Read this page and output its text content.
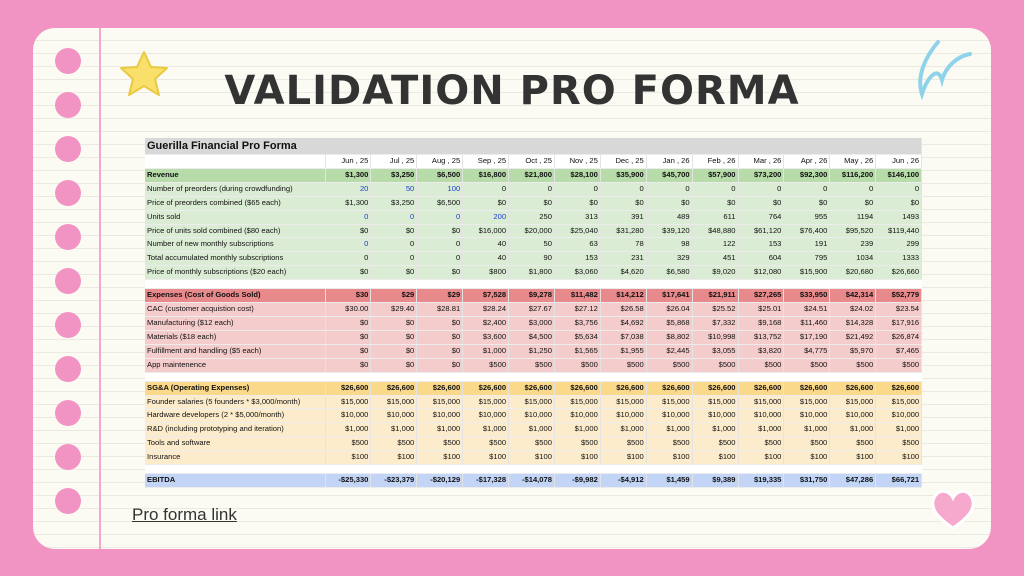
VALIDATION PRO FORMA
Guerilla Financial Pro Forma													
	Jun , 25	Jul , 25	Aug , 25	Sep , 25	Oct , 25	Nov , 25	Dec , 25	Jan , 26	Feb , 26	Mar , 26	Apr , 26	May , 26	Jun , 26
Revenue	$1,300	$3,250	$6,500	$16,800	$21,800	$28,100	$35,900	$45,700	$57,900	$73,200	$92,300	$116,200	$146,100
Number of preorders (during crowdfunding)	20	50	100	0	0	0	0	0	0	0	0	0	0
Price of preorders combined ($65 each)	$1,300	$3,250	$6,500	$0	$0	$0	$0	$0	$0	$0	$0	$0	$0
Units sold	0	0	0	200	250	313	391	489	611	764	955	1194	1493
Price of units sold combined ($80 each)	$0	$0	$0	$16,000	$20,000	$25,040	$31,280	$39,120	$48,880	$61,120	$76,400	$95,520	$119,440
Number of new monthly subscriptions	0	0	0	40	50	63	78	98	122	153	191	239	299
Total accumulated monthly subscriptions	0	0	0	40	90	153	231	329	451	604	795	1034	1333
Price of monthly subscriptions ($20 each)	$0	$0	$0	$800	$1,800	$3,060	$4,620	$6,580	$9,020	$12,080	$15,900	$20,680	$26,660

Expenses (Cost of Goods Sold)	$30	$29	$29	$7,528	$9,278	$11,482	$14,212	$17,641	$21,911	$27,265	$33,950	$42,314	$52,779
CAC (customer acquistion cost)	$30.00	$29.40	$28.81	$28.24	$27.67	$27.12	$26.58	$26.04	$25.52	$25.01	$24.51	$24.02	$23.54
Manufacturing ($12 each)	$0	$0	$0	$2,400	$3,000	$3,756	$4,692	$5,868	$7,332	$9,168	$11,460	$14,328	$17,916
Materials ($18 each)	$0	$0	$0	$3,600	$4,500	$5,634	$7,038	$8,802	$10,998	$13,752	$17,190	$21,492	$26,874
Fulfillment and handling ($5 each)	$0	$0	$0	$1,000	$1,250	$1,565	$1,955	$2,445	$3,055	$3,820	$4,775	$5,970	$7,465
App maintenence	$0	$0	$0	$500	$500	$500	$500	$500	$500	$500	$500	$500	$500

SG&A (Operating Expenses)	$26,600	$26,600	$26,600	$26,600	$26,600	$26,600	$26,600	$26,600	$26,600	$26,600	$26,600	$26,600	$26,600
Founder salaries (5 founders * $3,000/month)	$15,000	$15,000	$15,000	$15,000	$15,000	$15,000	$15,000	$15,000	$15,000	$15,000	$15,000	$15,000	$15,000
Hardware developers (2 * $5,000/month)	$10,000	$10,000	$10,000	$10,000	$10,000	$10,000	$10,000	$10,000	$10,000	$10,000	$10,000	$10,000	$10,000
R&D (including prototyping and iteration)	$1,000	$1,000	$1,000	$1,000	$1,000	$1,000	$1,000	$1,000	$1,000	$1,000	$1,000	$1,000	$1,000
Tools and software	$500	$500	$500	$500	$500	$500	$500	$500	$500	$500	$500	$500	$500
Insurance	$100	$100	$100	$100	$100	$100	$100	$100	$100	$100	$100	$100	$100

EBITDA	-$25,330	-$23,379	-$20,129	-$17,328	-$14,078	-$9,982	-$4,912	$1,459	$9,389	$19,335	$31,750	$47,286	$66,721
Pro forma link
